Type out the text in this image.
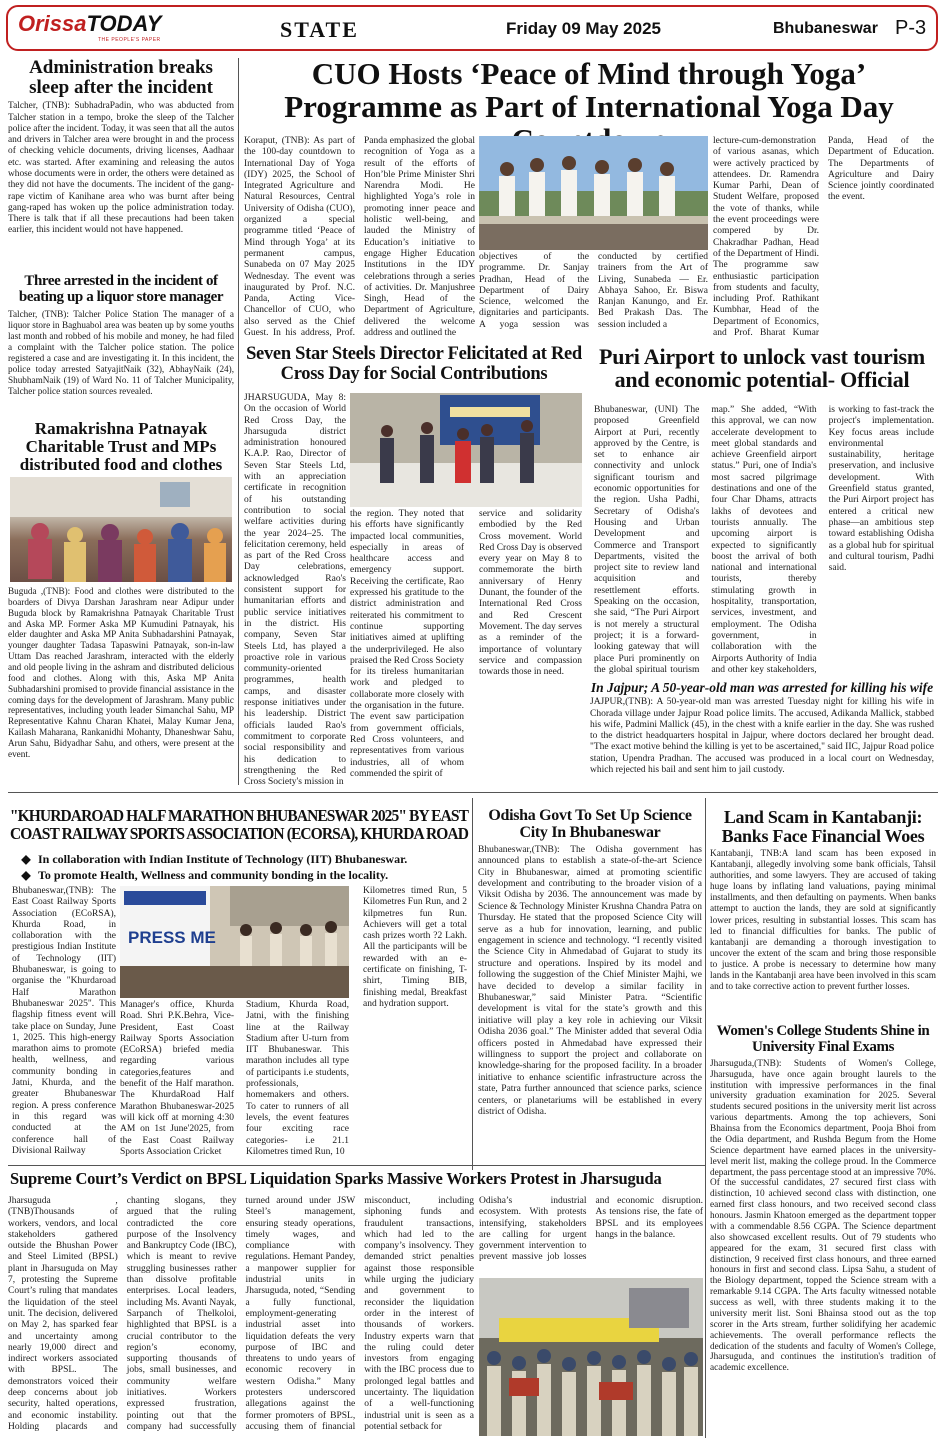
OrissaTODAY
THE PEOPLE'S PAPER	STATE	Friday 09 May 2025	Bhubaneswar P-3
Administration breaks sleep after the incident
Talcher, (TNB): SubhadraPadin, who was abducted from Talcher station in a tempo, broke the sleep of the Talcher police after the incident. Today, it was seen that all the autos and drivers in Talcher area were brought in and the process of checking vehicle documents, driving licenses, Aadhaar etc. was started. After examining and releasing the autos whose documents were in order, the others were detained as they did not have the documents. The incident of the gang-rape victim of Kanihane area who was burnt after being gang-raped has woken up the police administration today. There is talk that if all these precautions had been taken earlier, this incident would not have happened.
Three arrested in the incident of beating up a liquor store manager
Talcher, (TNB): Talcher Police Station The manager of a liquor store in Baghuabol area was beaten up by some youths last month and robbed of his mobile and money, he had filed a complaint with the Talcher police station. The police registered a case and are investigating it. In this incident, the police today arrested SatyajitNaik (32), AbhayNaik (24), ShubhamNaik (19) of Ward No. 11 of Talcher Municipality, Talcher police station sources revealed.
Ramakrishna Patnayak Charitable Trust and MPs distributed food and clothes
Buguda ,(TNB): Food and clothes were distributed to the boarders of Divya Darshan Jarashram near Adipur under Buguda block by Ramakrishna Patnayak Charitable Trust and Aska MP. Former Aska MP Kumudini Patnayak, his elder daughter and Aska MP Anita Subhadarshini Patnayak, younger daughter Tadasa Tapaswini Patnayak, son-in-law Uttam Das reached Jarashram, interacted with the elderly and old people living in the ashram and distributed delicious food and clothes. Along with this, Aska MP Anita Subhadarshini promised to provide financial assistance in the coming days for the development of Jarashram. Many public representatives, including youth leader Simanchal Sahu, MP Representative Kahnu Charan Khatei, Malay Kumar Jena, Kailash Maharana, Rankanidhi Mohanty, Dhaneshwar Sahu, Arun Sahu, Bidyadhar Sahu, and others, were present at the event.
CUO Hosts ‘Peace of Mind through Yoga’ Programme as Part of International Yoga Day
Koraput, (TNB): As part of the 100-day countdown to International Day of Yoga (IDY) 2025, the School of Integrated Agriculture and Natural Resources, Central University of Odisha (CUO), organized a special programme titled ‘Peace of Mind through Yoga’ at its permanent campus, Sunabeda on 07 May 2025 Wednesday. The event was inaugurated by Prof. N.C. Panda, Acting Vice-Chancellor of CUO, who also served as the Chief Guest. In his address, Prof. Panda emphasized the global recognition of Yoga as a result of the efforts of Hon’ble Prime Minister Shri Narendra Modi. He highlighted Yoga’s role in promoting inner peace and holistic well-being, and lauded the Ministry of Education’s initiative to engage Higher Education Institutions in the IDY celebrations through a series of activities. Dr. Manjushree Singh, Head of the Department of Agriculture, delivered the welcome address and outlined the
objectives of the programme. Dr. Sanjay Pradhan, Head of the Department of Dairy Science, welcomed the dignitaries and participants. A yoga session was conducted by certified trainers from the Art of Living, Sunabeda — Er. Abhaya Sahoo, Er. Biswa Ranjan Kanungo, and Er. Bed Prakash Das. The session included a
lecture-cum-demonstration of various asanas, which were actively practiced by attendees. Dr. Ramendra Kumar Parhi, Dean of Student Welfare, proposed the vote of thanks, while the event proceedings were compered by Dr. Chakradhar Padhan, Head of the Department of Hindi. The programme saw enthusiastic participation from students and faculty, including Prof. Rathikant Kumbhar, Head of the Department of Economics, and Prof. Bharat Kumar Panda, Head of the Department of Education. The Departments of Agriculture and Dairy Science jointly coordinated the event.
Seven Star Steels Director Felicitated at Red Cross Day for Social Contributions
JHARSUGUDA, May 8: On the occasion of World Red Cross Day, the Jharsuguda district administration honoured K.A.P. Rao, Director of Seven Star Steels Ltd, with an appreciation certificate in recognition of his outstanding contribution to social welfare activities during the year 2024–25. The felicitation ceremony, held as part of the Red Cross Day celebrations, acknowledged Rao's consistent support for humanitarian efforts and public service initiatives in the district. His company, Seven Star Steels Ltd, has played a proactive role in various community-oriented programmes, health camps, and disaster response initiatives under his leadership. District officials lauded Rao's commitment to corporate social responsibility and his dedication to strengthening the Red Cross Society's mission in
the region. They noted that his efforts have significantly impacted local communities, especially in areas of healthcare access and emergency support. Receiving the certificate, Rao expressed his gratitude to the district administration and reiterated his commitment to continue supporting initiatives aimed at uplifting the underprivileged. He also praised the Red Cross Society for its tireless humanitarian work and pledged to collaborate more closely with the organisation in the future. The event saw participation from government officials, Red Cross volunteers, and representatives from various industries, all of whom commended the spirit of
service and solidarity embodied by the Red Cross movement. World Red Cross Day is observed every year on May 8 to commemorate the birth anniversary of Henry Dunant, the founder of the International Red Cross and Red Crescent Movement. The day serves as a reminder of the importance of voluntary service and compassion towards those in need.
Puri Airport to unlock vast tourism and economic potential- Official
Bhubaneswar, (UNI) The proposed Greenfield Airport at Puri, recently approved by the Centre, is set to enhance air connectivity and unlock significant tourism and economic opportunities for the region. Usha Padhi, Secretary of Odisha's Housing and Urban Development and Commerce and Transport Departments, visited the project site to review land acquisition and resettlement efforts. Speaking on the occasion, she said, “The Puri Airport is not merely a structural project; it is a forward-looking gateway that will place Puri prominently on the global spiritual tourism map.” She added, “With this approval, we can now accelerate development to meet global standards and achieve Greenfield airport status.” Puri, one of India's most sacred pilgrimage destinations and one of the four Char Dhams, attracts lakhs of devotees and tourists annually. The upcoming airport is expected to significantly boost the arrival of both national and international tourists, thereby stimulating growth in hospitality, transportation, services, investment, and employment. The Odisha government, in collaboration with the Airports Authority of India and other key stakeholders, is working to fast-track the project's implementation. Key focus areas include environmental sustainability, heritage preservation, and inclusive development. With Greenfield status granted, the Puri Airport project has entered a critical new phase—an ambitious step toward establishing Odisha as a global hub for spiritual and cultural tourism, Padhi said.
In Jajpur; A 50-year-old man was arrested for killing his wife
JAJPUR,(TNB): A 50-year-old man was arrested Tuesday night for killing his wife in Chorada village under Jajpur Road police limits. The accused, Adikanda Mallick, stabbed his wife, Padmini Mallick (45), in the chest with a knife earlier in the day. She was rushed to the district headquarters hospital in Jajpur, where doctors declared her brought dead. "The exact motive behind the killing is yet to be ascertained," said IIC, Jajpur Road police station, Upendra Pradhan. The accused was produced in a local court on Wednesday, which rejected his bail and sent him to jail custody.
"KHURDAROAD HALF MARATHON BHUBANESWAR 2025" BY EAST COAST RAILWAY SPORTS ASSOCIATION (ECORSA), KHURDA ROAD
◆ In collaboration with Indian Institute of Technology (IIT) Bhubaneswar.
◆ To promote Health, Wellness and community bonding in the locality.
Bhubaneswar,(TNB): The East Coast Railway Sports Association (ECoRSA), Khurda Road, in collaboration with the prestigious Indian Institute of Technology (IIT) Bhubaneswar, is going to organise the "Khurdaroad Half Marathon Bhubaneswar 2025". This flagship fitness event will take place on Sunday, June 1, 2025. This high-energy marathon aims to promote health, wellness, and community bonding in Jatni, Khurda, and the greater Bhubaneswar region. A press conference in this regard was conducted at the conference hall of Divisional Railway
PRESS ME
Manager's office, Khurda Road. Shri P.K.Behra, Vice-President, East Coast Railway Sports Association (ECoRSA) briefed media regarding various categories,features and benefit of the Half marathon. The KhurdaRoad Half Marathon Bhubaneswar-2025 will kick off at morning 4:30 AM on 1st June'2025, from the East Coast Railway Sports Association Cricket
Stadium, Khurda Road, Jatni, with the finishing line at the Railway Stadium after U-turn from IIT Bhubaneswar. This marathon includes all type of participants i.e students, professionals, homemakers and others. To cater to runners of all levels, the event features four exciting race categories- i.e 21.1 Kilometres timed Run, 10
Kilometres timed Run, 5 Kilometres Fun Run, and 2 kilpmetres fun Run. Achievers will get a total cash prizes worth ?2 Lakh. All the participants will be rewarded with an e-certificate on finishing, T-shirt, Timing BIB, finishing medal, Breakfast and hydration support.
Odisha Govt To Set Up Science City In Bhubaneswar
Bhubaneswar,(TNB): The Odisha government has announced plans to establish a state-of-the-art Science City in Bhubaneswar, aimed at promoting scientific development and contributing to the broader vision of a Viksit Odisha by 2036. The announcement was made by Science & Technology Minister Krushna Chandra Patra on Thursday. He stated that the proposed Science City will serve as a hub for innovation, learning, and public engagement in science and technology. “I recently visited the Science City in Ahmedabad of Gujarat to study its structure and operations. Inspired by its model and following the suggestion of the Chief Minister Majhi, we have decided to develop a similar facility in Bhubaneswar,” said Minister Patra. “Scientific development is vital for the state’s growth and this initiative will play a key role in achieving our Viksit Odisha 2036 goal.” The Minister added that several Odia officers posted in Ahmedabad have expressed their willingness to support the project and collaborate on knowledge-sharing for the proposed facility. In a broader initiative to enhance scientific infrastructure across the state, Patra further announced that science parks, science centers, or planetariums will be established in every district of Odisha.
Land Scam in Kantabanji: Banks Face Financial Woes
Kantabanji, TNB:A land scam has been exposed in Kantabanji, allegedly involving some bank officials, Tahsil authorities, and some lawyers. They are accused of taking huge loans by inflating land valuations, paying minimal installments, and then defaulting on payments. When banks attempt to auction the lands, they are sold at significantly lower prices, resulting in substantial losses. This scam has led to financial difficulties for banks. The public of kantabanji are demanding a thorough investigation to uncover the extent of the scam and bring those responsible to justice. A probe is necessary to determine how many lands in the Kantabanji area have been involved in this scam and to take corrective action to prevent further losses.
Women's College Students Shine in University Final Exams
Jharsuguda,(TNB): Students of Women's College, Jharsuguda, have once again brought laurels to the institution with impressive performances in the final university graduation examination for 2025. Several students secured positions in the university merit list across various departments. Among the top achievers, Soni Bhainsa from the Economics department, Pooja Bhoi from the Odia department, and Rushda Begum from the Home Science department have earned places in the university-level merit list, making the college proud. In the Commerce department, the pass percentage stood at an impressive 70%. Of the successful candidates, 27 secured first class with distinction, 10 achieved second class with distinction, one earned first class honours, and two received second class honours. Jasmin Khatoon emerged as the department topper with a commendable 8.56 CGPA. The Science department also showcased excellent results. Out of 79 students who appeared for the exam, 31 secured first class with distinction, 9 received first class honours, and three earned honours in first and second class. Lipsa Sahu, a student of the Biology department, topped the Science stream with a remarkable 9.14 CGPA. The Arts faculty witnessed notable success as well, with three students making it to the university merit list. Soni Bhainsa stood out as the top scorer in the Arts stream, further solidifying her academic achievements. The overall performance reflects the dedication of the students and faculty of Women's College, Jharsuguda, and continues the institution's tradition of academic excellence.
Supreme Court’s Verdict on BPSL Liquidation Sparks Massive Workers Protest in Jharsuguda
Jharsuguda ,(TNB)Thousands of workers, vendors, and local stakeholders gathered outside the Bhushan Power and Steel Limited (BPSL) plant in Jharsuguda on May 7, protesting the Supreme Court’s ruling that mandates the liquidation of the steel unit. The decision, delivered on May 2, has sparked fear and uncertainty among nearly 19,000 direct and indirect workers associated with BPSL. The demonstrators voiced their deep concerns about job security, halted operations, and economic instability. Holding placards and chanting slogans, they argued that the ruling contradicted the core purpose of the Insolvency and Bankruptcy Code (IBC), which is meant to revive struggling businesses rather than dissolve profitable enterprises. Local leaders, including Ms. Avanti Nayak, Sarpanch of Thelkoloi, highlighted that BPSL is a crucial contributor to the region’s economy, supporting thousands of jobs, small businesses, and community welfare initiatives. Workers expressed frustration, pointing out that the company had successfully turned around under JSW Steel’s management, ensuring steady operations, timely wages, and compliance with regulations. Hemant Pandey, a manpower supplier for industrial units in Jharsuguda, noted, “Sending a fully functional, employment-generating industrial asset into liquidation defeats the very purpose of IBC and threatens to undo years of economic recovery in western Odisha.” Many protesters underscored allegations against the former promoters of BPSL, accusing them of financial misconduct, including siphoning funds and fraudulent transactions, which had led to the company’s insolvency. They demanded strict penalties against those responsible while urging the judiciary and government to reconsider the liquidation order in the interest of thousands of workers. Industry experts warn that the ruling could deter investors from engaging with the IBC process due to prolonged legal battles and uncertainty. The liquidation of a well-functioning industrial unit is seen as a potential setback for
Odisha’s industrial ecosystem. With protests intensifying, stakeholders are calling for urgent government intervention to prevent massive job losses and economic disruption. As tensions rise, the fate of BPSL and its employees hangs in the balance.
